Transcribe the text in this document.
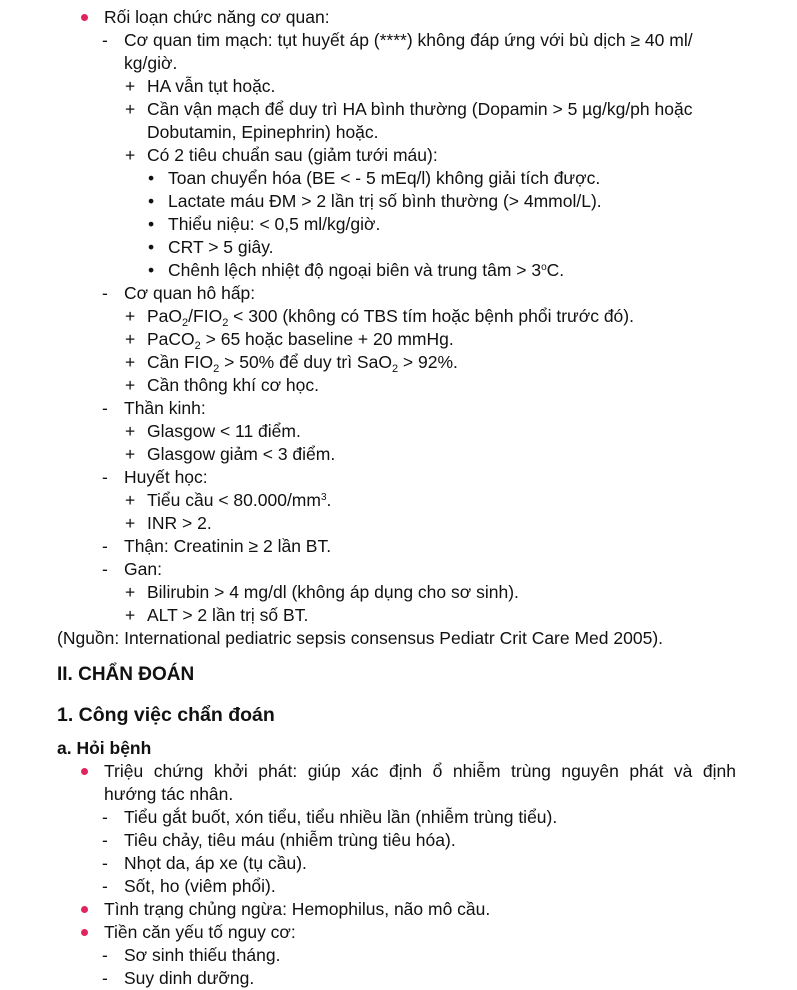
Rối loạn chức năng cơ quan:
- Cơ quan tim mạch: tụt huyết áp (****) không đáp ứng với bù dịch ≥ 40 ml/
kg/giờ.
+ HA vẫn tụt hoặc.
+ Cần vận mạch để duy trì HA bình thường (Dopamin > 5 µg/kg/ph hoặc
Dobutamin, Epinephrin) hoặc.
+ Có 2 tiêu chuẩn sau (giảm tưới máu):
• Toan chuyển hóa (BE < - 5 mEq/l) không giải tích được.
• Lactate máu ĐM > 2 lần trị số bình thường (> 4mmol/L).
• Thiểu niệu: < 0,5 ml/kg/giờ.
• CRT > 5 giây.
• Chênh lệch nhiệt độ ngoại biên và trung tâm > $3^oC$.
- Cơ quan hô hấp:
+ $PaO_2/FIO_2 < 300$ (không có TBS tím hoặc bệnh phổi trước đó).
+ PaCO$_2$ > 65 hoặc baseline + 20 mmHg.
+ Cần $FIO_2 > 50\%$ để duy trì SaO$_2$ > 92%.
+ Cần thông khí cơ học.
- Thần kinh:
+ Glasgow < 11 điểm.
+ Glasgow giảm < 3 điểm.
- Huyết học:
+ Tiểu cầu < $80.000/mm^3$.
+ INR > 2.
- Thận: Creatinin ≥ 2 lần BT.
- Gan:
+ Bilirubin > 4 mg/dl (không áp dụng cho sơ sinh).
+ ALT > 2 lần trị số BT.
(Nguồn: International pediatric sepsis consensus Pediatr Crit Care Med 2005).
II. CHẨN ĐOÁN
1. Công việc chẩn đoán
a. Hỏi bệnh
Triệu chứng khởi phát: giúp xác định ổ nhiễm trùng nguyên phát và định
hướng tác nhân.
- Tiểu gắt buốt, xón tiểu, tiểu nhiều lần (nhiễm trùng tiểu).
- Tiêu chảy, tiêu máu (nhiễm trùng tiêu hóa).
- Nhọt da, áp xe (tụ cầu).
- Sốt, ho (viêm phổi).
Tình trạng chủng ngừa: Hemophilus, não mô cầu.
Tiền căn yếu tố nguy cơ:
- Sơ sinh thiếu tháng.
- Suy dinh dưỡng.
